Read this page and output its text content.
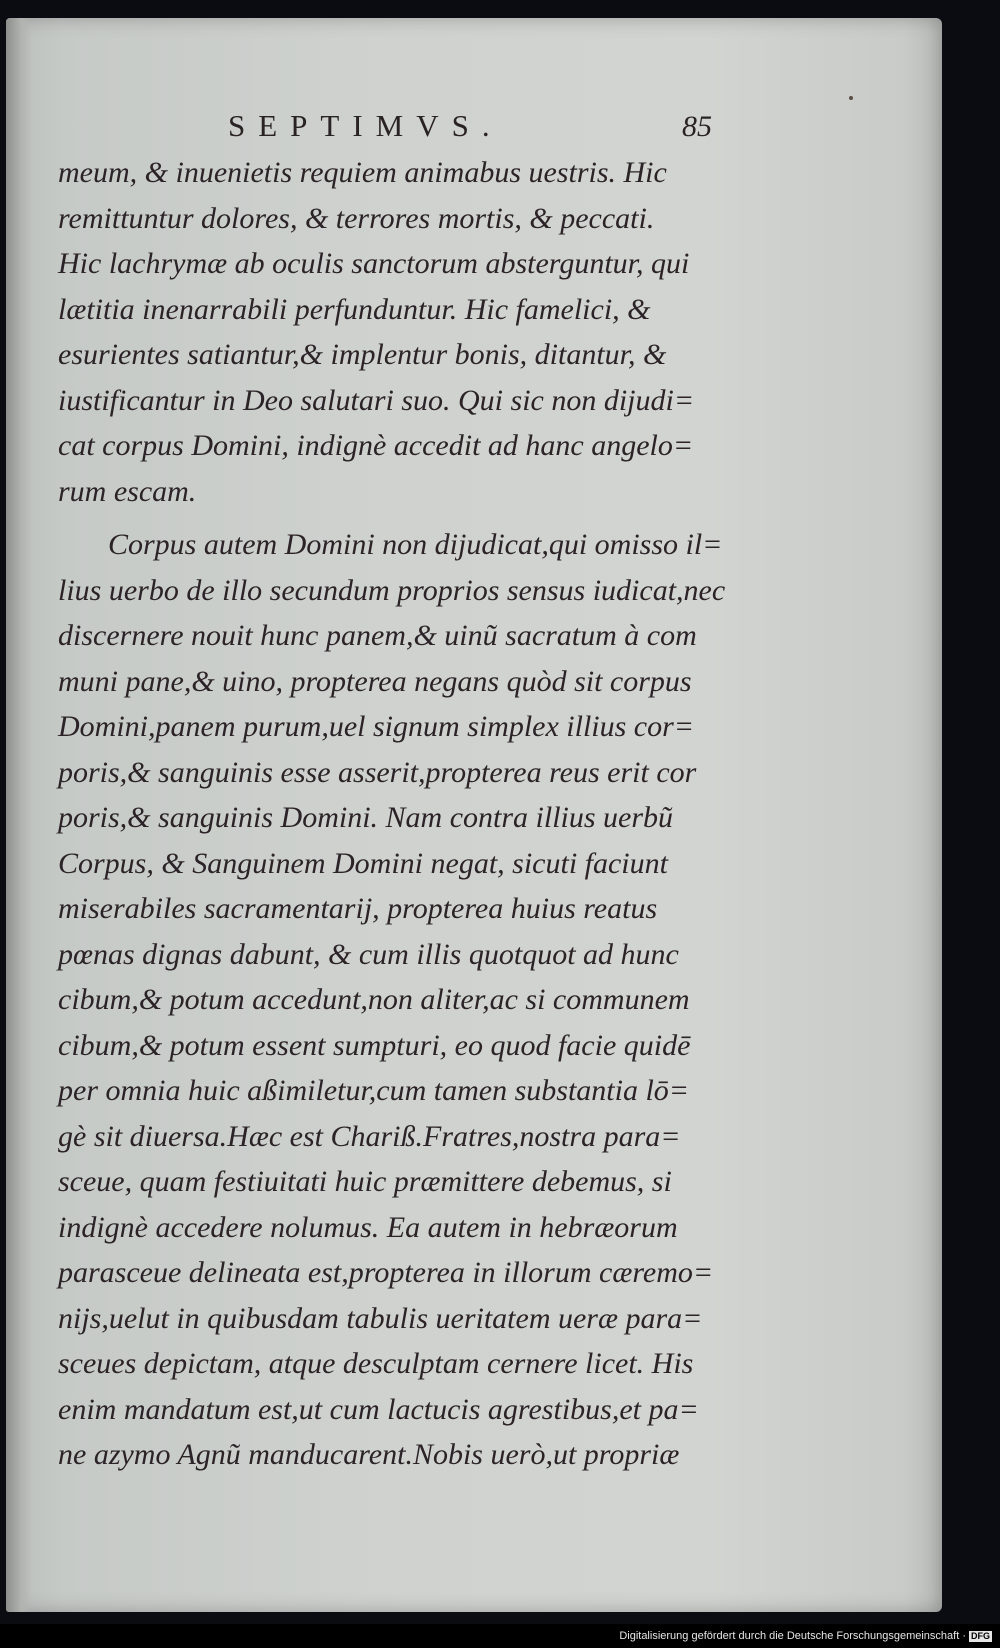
SEPTIMVS.	85
meum, & inuenietis requiem animabus uestris. Hic
remittuntur dolores, & terrores mortis, & peccati.
Hic lachrymæ ab oculis sanctorum absterguntur, qui
lætitia inenarrabili perfunduntur. Hic famelici, &
esurientes satiantur,& implentur bonis, ditantur, &
iustificantur in Deo salutari suo. Qui sic non dijudi=
cat corpus Domini, indignè accedit ad hanc angelo=
rum escam.
Corpus autem Domini non dijudicat,qui omisso il=
lius uerbo de illo secundum proprios sensus iudicat,nec
discernere nouit hunc panem,& uinũ sacratum à com
muni pane,& uino, propterea negans quòd sit corpus
Domini,panem purum,uel signum simplex illius cor=
poris,& sanguinis esse asserit,propterea reus erit cor
poris,& sanguinis Domini. Nam contra illius uerbũ
Corpus, & Sanguinem Domini negat, sicuti faciunt
miserabiles sacramentarij, propterea huius reatus
pœnas dignas dabunt, & cum illis quotquot ad hunc
cibum,& potum accedunt,non aliter,ac si communem
cibum,& potum essent sumpturi, eo quod facie quidē
per omnia huic aßimiletur,cum tamen substantia lō=
gè sit diuersa.Hæc est Chariß.Fratres,nostra para=
sceue, quam festiuitati huic præmittere debemus, si
indignè accedere nolumus. Ea autem in hebræorum
parasceue delineata est,propterea in illorum cæremo=
nijs,uelut in quibusdam tabulis ueritatem ueræ para=
sceues depictam, atque desculptam cernere licet. His
enim mandatum est,ut cum lactucis agrestibus,et pa=
ne azymo Agnũ manducarent.Nobis uerò,ut propriæ
Digitalisierung gefördert durch die Deutsche Forschungsgemeinschaft · DFG
